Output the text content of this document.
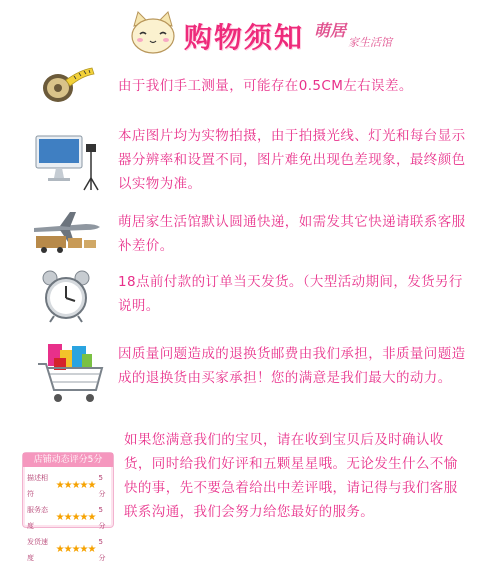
购物须知 萌居
家生活馆
由于我们手工测量，可能存在0.5CM左右误差。
本店图片均为实物拍摄，由于拍摄光线、灯光和每台显示器分辨率和设置不同，图片难免出现色差现象，最终颜色以实物为准。
萌居家生活馆默认圆通快递，如需发其它快递请联系客服补差价。
18点前付款的订单当天发货。（大型活动期间，发货另行说明。
因质量问题造成的退换货邮费由我们承担，非质量问题造成的退换货由买家承担！您的满意是我们最大的动力。
店铺动态评分5分
描述相符
★★★★★
5分
服务态度
★★★★★
5分
发货速度
★★★★★
5分
如果您满意我们的宝贝，请在收到宝贝后及时确认收货，同时给我们好评和五颗星星哦。无论发生什么不愉快的事，先不要急着给出中差评哦，请记得与我们客服联系沟通，我们会努力给您最好的服务。
